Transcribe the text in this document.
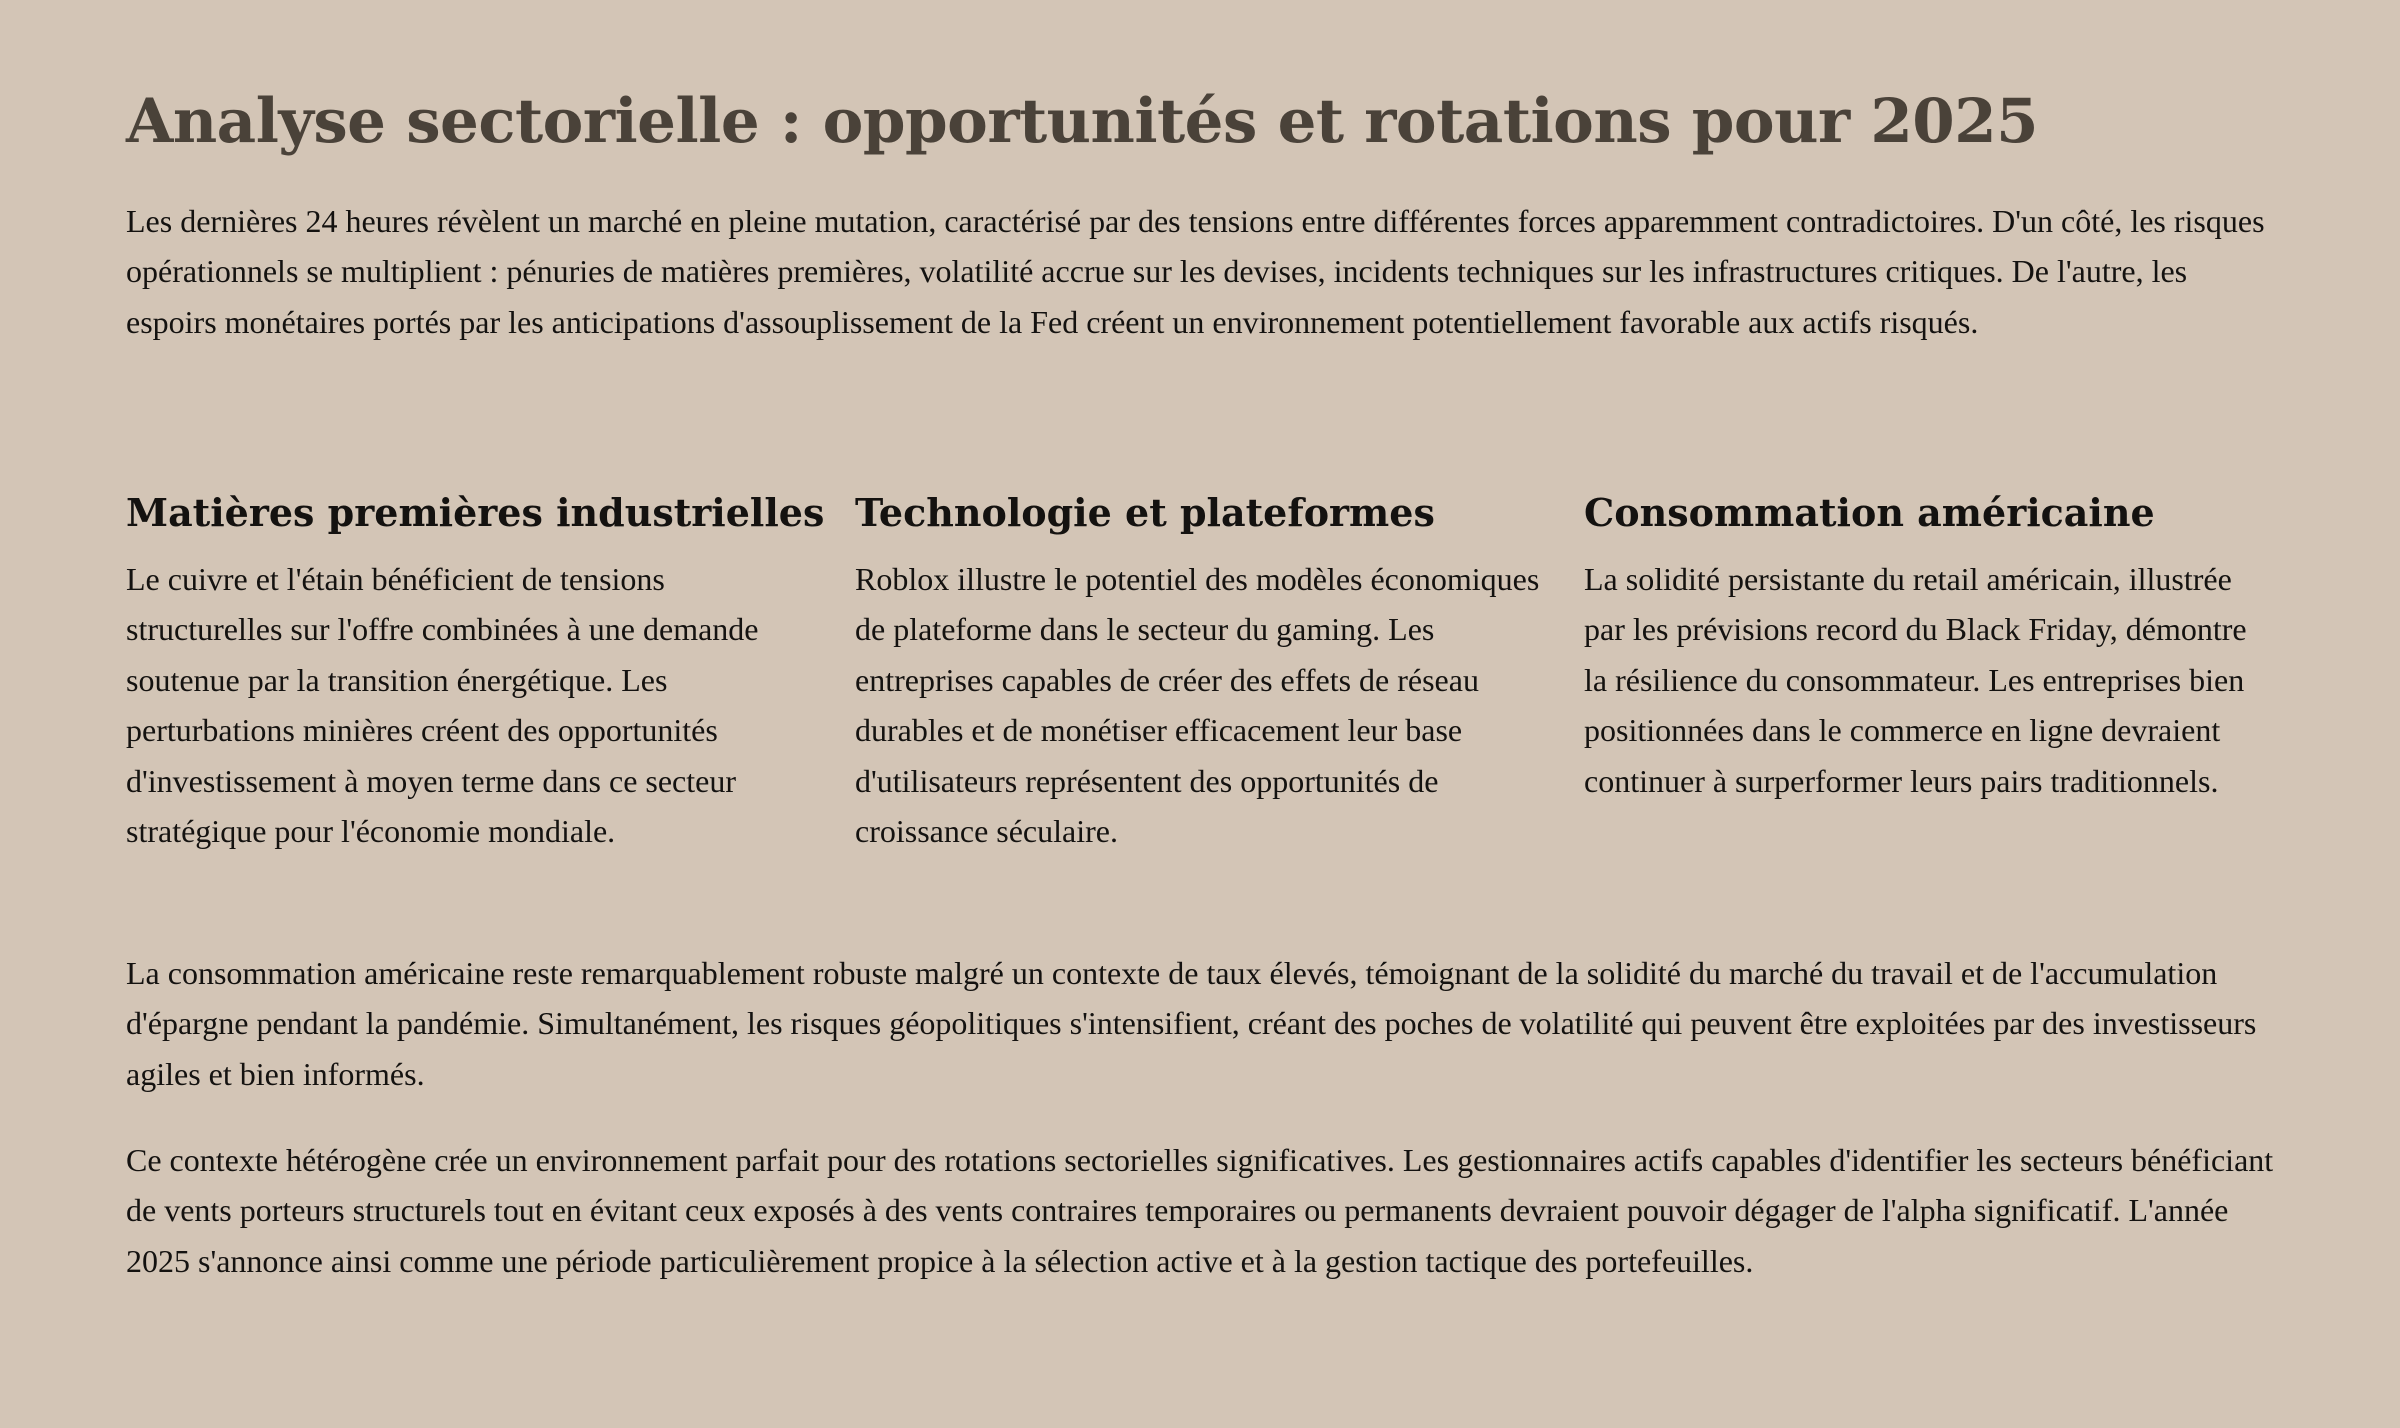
Analyse sectorielle : opportunités et rotations pour 2025

Les dernières 24 heures révèlent un marché en pleine mutation, caractérisé par des tensions entre différentes forces apparemment contradictoires. D'un côté, les risques opérationnels se multiplient : pénuries de matières premières, volatilité accrue sur les devises, incidents techniques sur les infrastructures critiques. De l'autre, les espoirs monétaires portés par les anticipations d'assouplissement de la Fed créent un environnement potentiellement favorable aux actifs risqués.

Matières premières industrielles

Le cuivre et l'étain bénéficient de tensions structurelles sur l'offre combinées à une demande soutenue par la transition énergétique. Les perturbations minières créent des opportunités d'investissement à moyen terme dans ce secteur stratégique pour l'économie mondiale.

Technologie et plateformes

Roblox illustre le potentiel des modèles économiques de plateforme dans le secteur du gaming. Les entreprises capables de créer des effets de réseau durables et de monétiser efficacement leur base d'utilisateurs représentent des opportunités de croissance séculaire.

Consommation américaine

La solidité persistante du retail américain, illustrée par les prévisions record du Black Friday, démontre la résilience du consommateur. Les entreprises bien positionnées dans le commerce en ligne devraient continuer à surperformer leurs pairs traditionnels.

La consommation américaine reste remarquablement robuste malgré un contexte de taux élevés, témoignant de la solidité du marché du travail et de l'accumulation d'épargne pendant la pandémie. Simultanément, les risques géopolitiques s'intensifient, créant des poches de volatilité qui peuvent être exploitées par des investisseurs agiles et bien informés.

Ce contexte hétérogène crée un environnement parfait pour des rotations sectorielles significatives. Les gestionnaires actifs capables d'identifier les secteurs bénéficiant de vents porteurs structurels tout en évitant ceux exposés à des vents contraires temporaires ou permanents devraient pouvoir dégager de l'alpha significatif. L'année 2025 s'annonce ainsi comme une période particulièrement propice à la sélection active et à la gestion tactique des portefeuilles.
